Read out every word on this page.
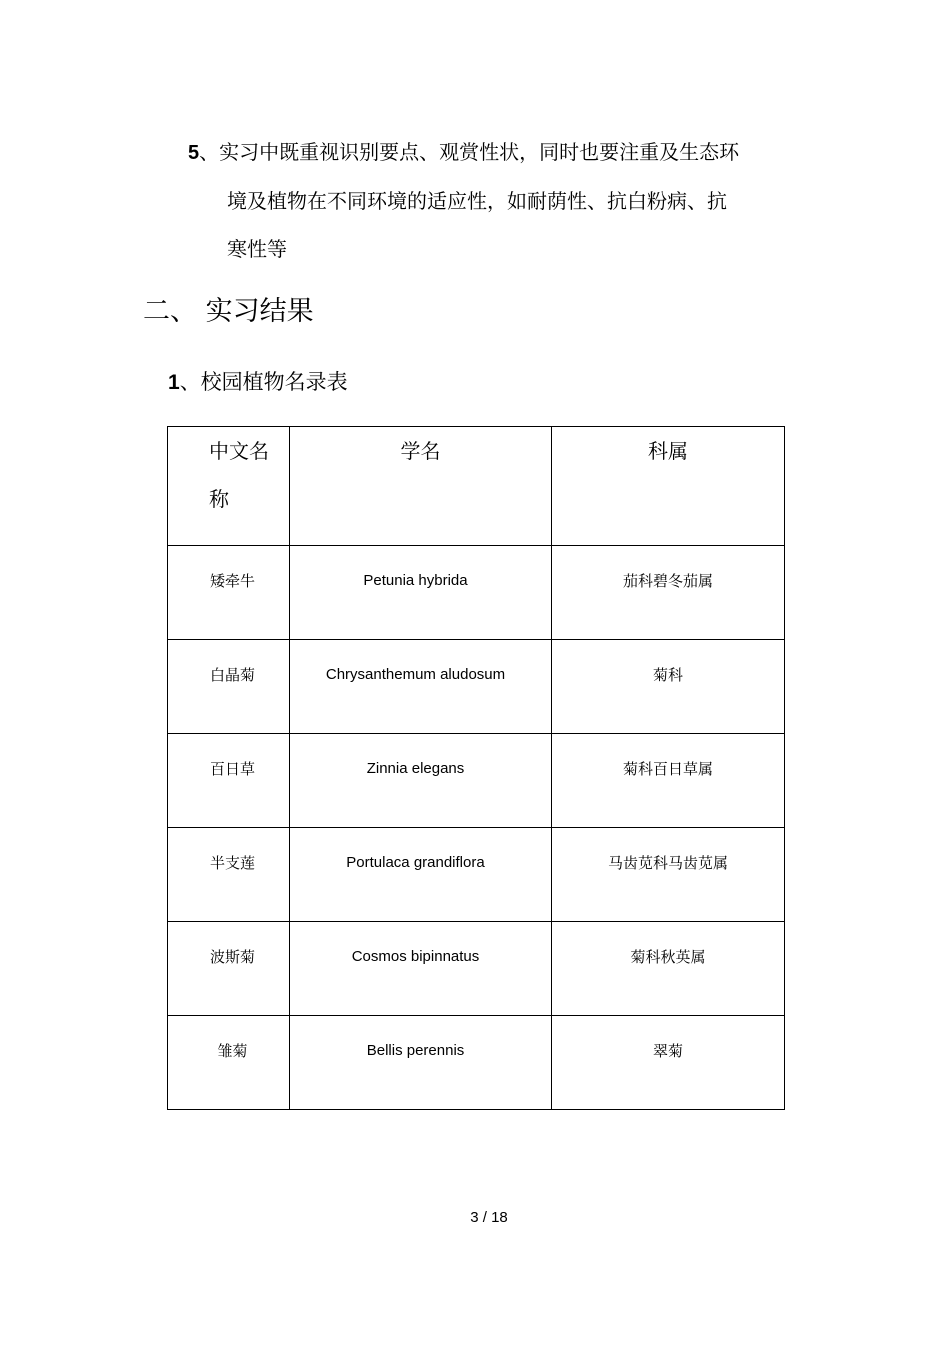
5、实习中既重视识别要点、观赏性状，同时也要注重及生态环
境及植物在不同环境的适应性，如耐荫性、抗白粉病、抗
寒性等
二、 实习结果
1、校园植物名录表
中文名称	学名	科属

矮牵牛	Petunia hybrida	茄科碧冬茄属

白晶菊	Chrysanthemum aludosum	菊科

百日草	Zinnia elegans	菊科百日草属

半支莲	Portulaca grandiflora	马齿苋科马齿苋属

波斯菊	Cosmos bipinnatus	菊科秋英属

雏菊	Bellis perennis	翠菊
3 / 18
